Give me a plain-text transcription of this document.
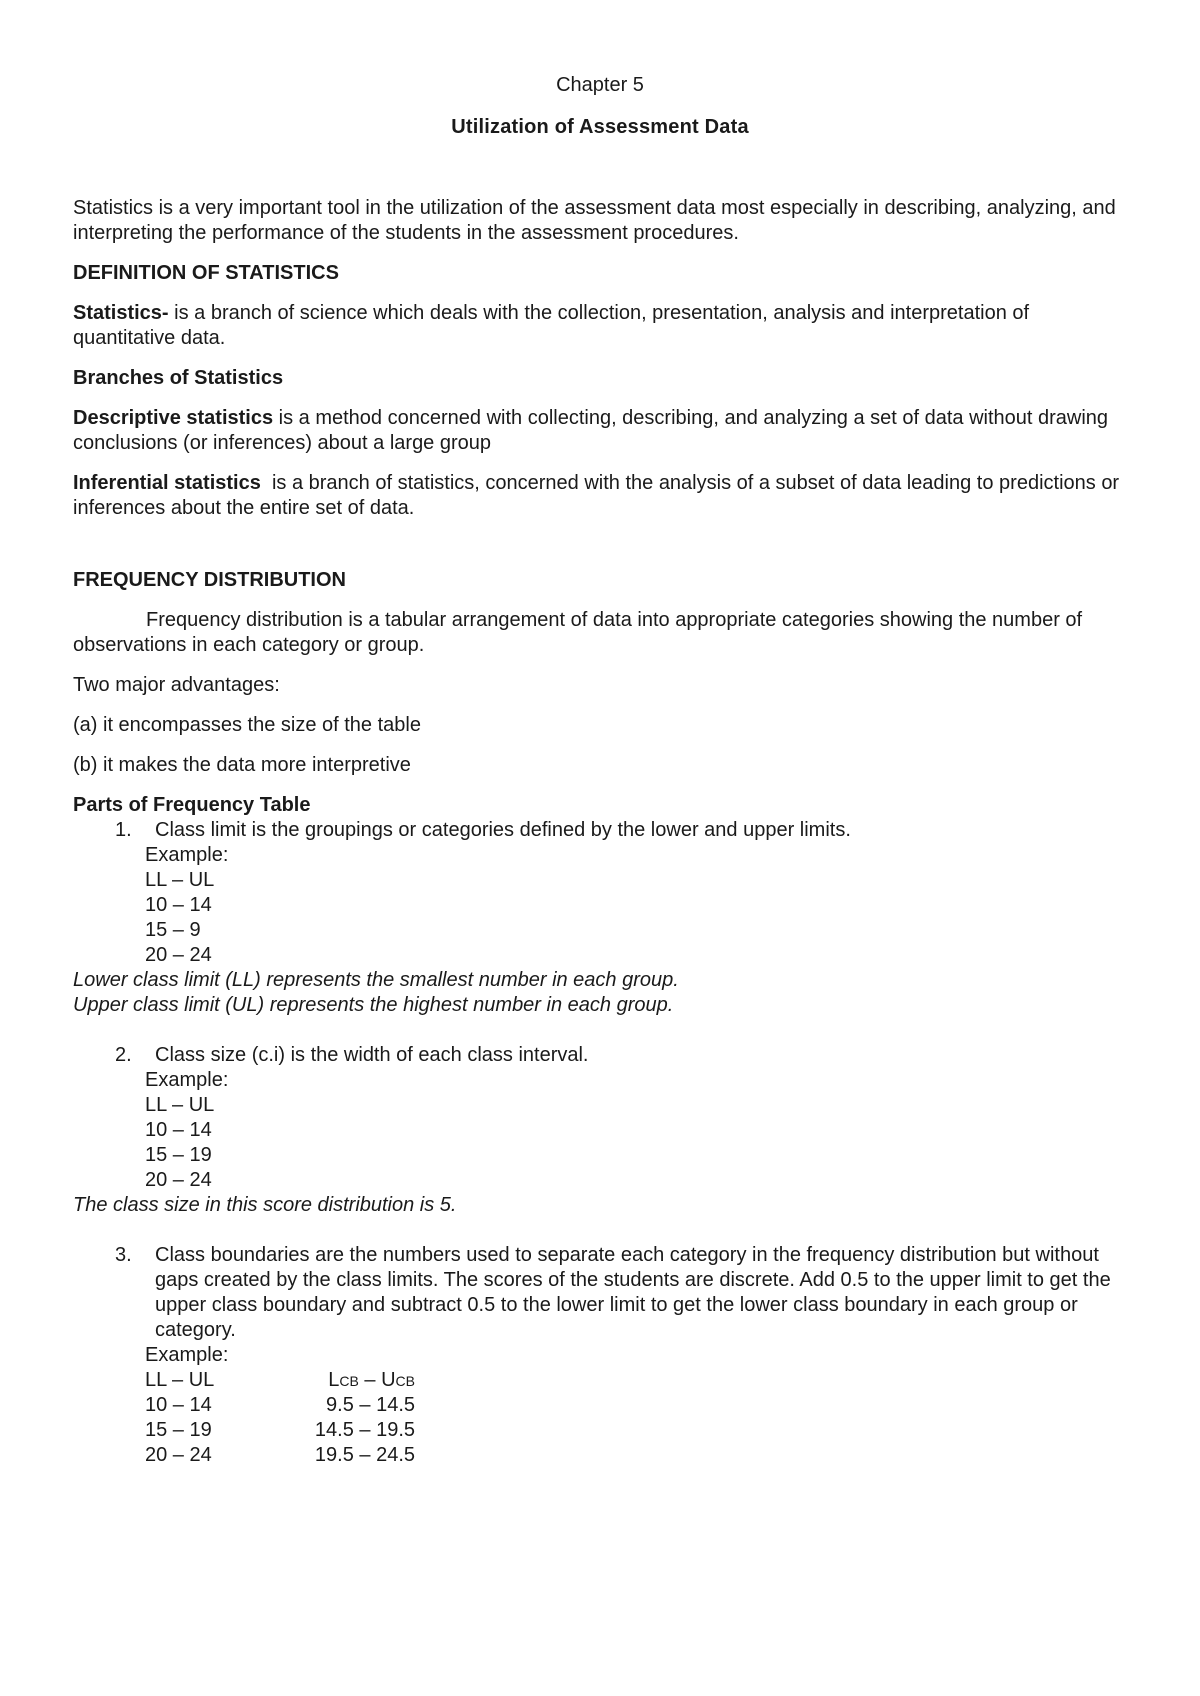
Chapter 5
Utilization of Assessment Data

Statistics is a very important tool in the utilization of the assessment data most especially in describing, analyzing, and interpreting the performance of the students in the assessment procedures.

DEFINITION OF STATISTICS

Statistics- is a branch of science which deals with the collection, presentation, analysis and interpretation of quantitative data.

Branches of Statistics

Descriptive statistics is a method concerned with collecting, describing, and analyzing a set of data without drawing conclusions (or inferences) about a large group

Inferential statistics  is a branch of statistics, concerned with the analysis of a subset of data leading to predictions or inferences about the entire set of data.

FREQUENCY DISTRIBUTION

Frequency distribution is a tabular arrangement of data into appropriate categories showing the number of observations in each category or group.

Two major advantages:

(a) it encompasses the size of the table

(b) it makes the data more interpretive

Parts of Frequency Table

1. Class limit is the groupings or categories defined by the lower and upper limits.
Example:
LL – UL
10 – 14
15 – 9
20 – 24
Lower class limit (LL) represents the smallest number in each group.
Upper class limit (UL) represents the highest number in each group.
2. Class size (c.i) is the width of each class interval.
Example:
LL – UL
10 – 14
15 – 19
20 – 24
The class size in this score distribution is 5.
3. Class boundaries are the numbers used to separate each category in the frequency distribution but without gaps created by the class limits. The scores of the students are discrete. Add 0.5 to the upper limit to get the upper class boundary and subtract 0.5 to the lower limit to get the lower class boundary in each group or category.
Example:
LL – UL	Lcb – Ucb
10 – 14	9.5 – 14.5
15 – 19	14.5 – 19.5
20 – 24	19.5 – 24.5
